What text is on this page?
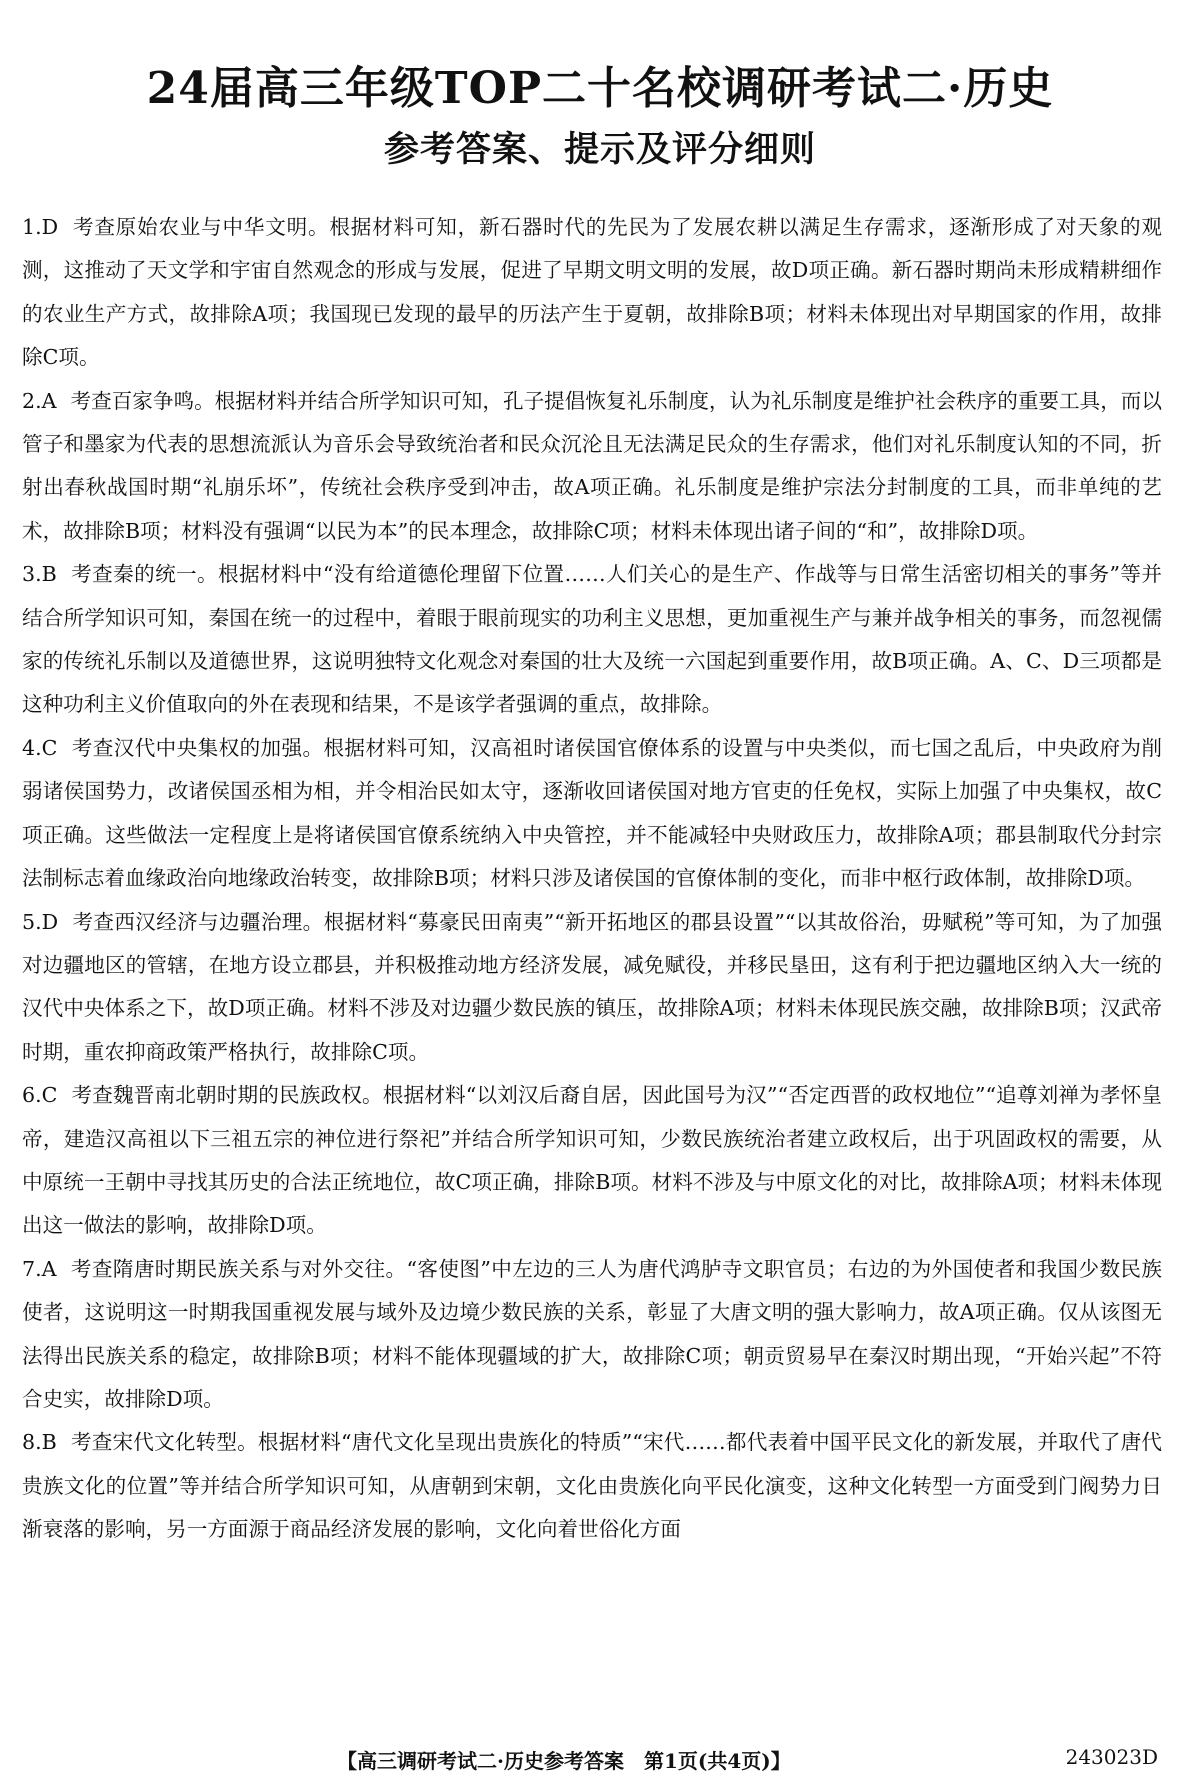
24届高三年级TOP二十名校调研考试二·历史
参考答案、提示及评分细则

1.D 考查原始农业与中华文明。根据材料可知，新石器时代的先民为了发展农耕以满足生存需求，逐渐形成了对天象的观测，这推动了天文学和宇宙自然观念的形成与发展，促进了早期文明文明的发展，故D项正确。新石器时期尚未形成精耕细作的农业生产方式，故排除A项；我国现已发现的最早的历法产生于夏朝，故排除B项；材料未体现出对早期国家的作用，故排除C项。

2.A 考查百家争鸣。根据材料并结合所学知识可知，孔子提倡恢复礼乐制度，认为礼乐制度是维护社会秩序的重要工具，而以管子和墨家为代表的思想流派认为音乐会导致统治者和民众沉沦且无法满足民众的生存需求，他们对礼乐制度认知的不同，折射出春秋战国时期“礼崩乐坏”，传统社会秩序受到冲击，故A项正确。礼乐制度是维护宗法分封制度的工具，而非单纯的艺术，故排除B项；材料没有强调“以民为本”的民本理念，故排除C项；材料未体现出诸子间的“和”，故排除D项。

3.B 考查秦的统一。根据材料中“没有给道德伦理留下位置……人们关心的是生产、作战等与日常生活密切相关的事务”等并结合所学知识可知，秦国在统一的过程中，着眼于眼前现实的功利主义思想，更加重视生产与兼并战争相关的事务，而忽视儒家的传统礼乐制以及道德世界，这说明独特文化观念对秦国的壮大及统一六国起到重要作用，故B项正确。A、C、D三项都是这种功利主义价值取向的外在表现和结果，不是该学者强调的重点，故排除。

4.C 考查汉代中央集权的加强。根据材料可知，汉高祖时诸侯国官僚体系的设置与中央类似，而七国之乱后，中央政府为削弱诸侯国势力，改诸侯国丞相为相，并令相治民如太守，逐渐收回诸侯国对地方官吏的任免权，实际上加强了中央集权，故C项正确。这些做法一定程度上是将诸侯国官僚系统纳入中央管控，并不能减轻中央财政压力，故排除A项；郡县制取代分封宗法制标志着血缘政治向地缘政治转变，故排除B项；材料只涉及诸侯国的官僚体制的变化，而非中枢行政体制，故排除D项。

5.D 考查西汉经济与边疆治理。根据材料“募豪民田南夷”“新开拓地区的郡县设置”“以其故俗治，毋赋税”等可知，为了加强对边疆地区的管辖，在地方设立郡县，并积极推动地方经济发展，减免赋役，并移民垦田，这有利于把边疆地区纳入大一统的汉代中央体系之下，故D项正确。材料不涉及对边疆少数民族的镇压，故排除A项；材料未体现民族交融，故排除B项；汉武帝时期，重农抑商政策严格执行，故排除C项。

6.C 考查魏晋南北朝时期的民族政权。根据材料“以刘汉后裔自居，因此国号为汉”“否定西晋的政权地位”“追尊刘禅为孝怀皇帝，建造汉高祖以下三祖五宗的神位进行祭祀”并结合所学知识可知，少数民族统治者建立政权后，出于巩固政权的需要，从中原统一王朝中寻找其历史的合法正统地位，故C项正确，排除B项。材料不涉及与中原文化的对比，故排除A项；材料未体现出这一做法的影响，故排除D项。

7.A 考查隋唐时期民族关系与对外交往。“客使图”中左边的三人为唐代鸿胪寺文职官员；右边的为外国使者和我国少数民族使者，这说明这一时期我国重视发展与域外及边境少数民族的关系，彰显了大唐文明的强大影响力，故A项正确。仅从该图无法得出民族关系的稳定，故排除B项；材料不能体现疆域的扩大，故排除C项；朝贡贸易早在秦汉时期出现，“开始兴起”不符合史实，故排除D项。

8.B 考查宋代文化转型。根据材料“唐代文化呈现出贵族化的特质”“宋代……都代表着中国平民文化的新发展，并取代了唐代贵族文化的位置”等并结合所学知识可知，从唐朝到宋朝，文化由贵族化向平民化演变，这种文化转型一方面受到门阀势力日渐衰落的影响，另一方面源于商品经济发展的影响，文化向着世俗化方面

【高三调研考试二·历史参考答案　第1页(共4页)】	243023D
